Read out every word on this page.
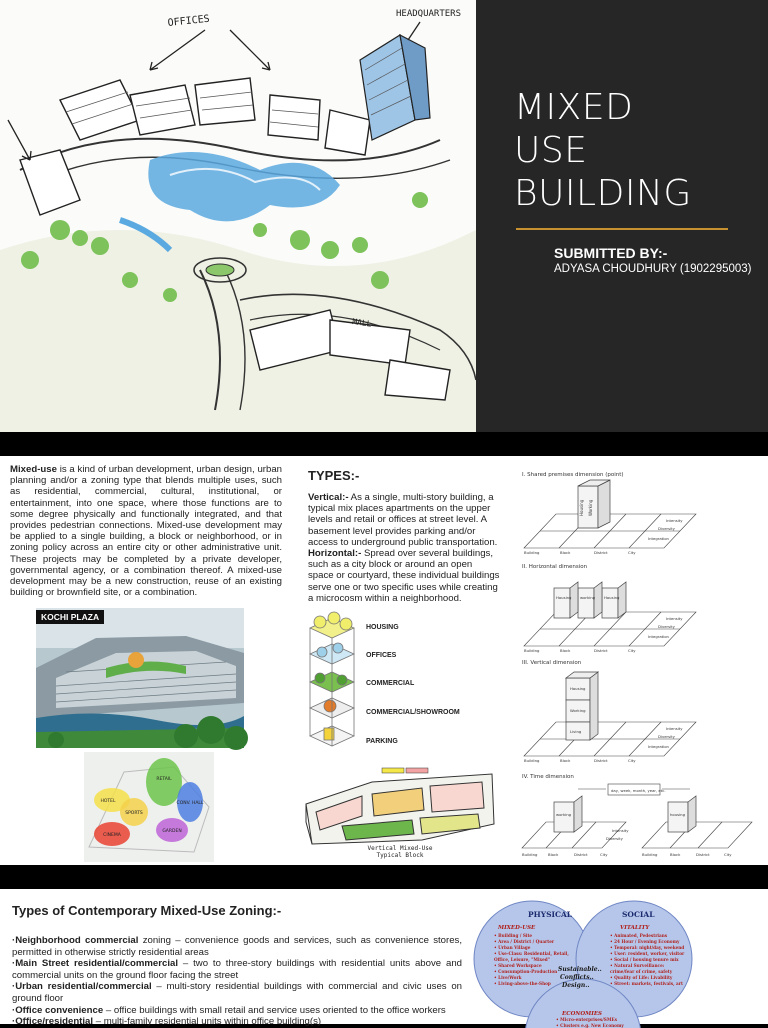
OFFICES	HEADQUARTERS
MALL
MIXED
USE
BUILDING
SUBMITTED BY:-
ADYASA CHOUDHURY (1902295003)

Mixed-use is a kind of urban development, urban design, urban planning and/or a zoning type that blends multiple uses, such as residential, commercial, cultural, institutional, or entertainment, into one space, where those functions are to some degree physically and functionally integrated, and that provides pedestrian connections. Mixed-use development may be applied to a single building, a block or neighborhood, or in zoning policy across an entire city or other administrative unit. These projects may be completed by a private developer, governmental agency, or a combination thereof. A mixed-use development may be a new construction, reuse of an existing building or brownfield site, or a combination.

KOCHI PLAZA
HOTEL
RETAIL
SPORTS
CONV. HALL
CINEMA
GARDEN
TYPES:-

Vertical:- As a single, multi-story building, a typical mix places apartments on the upper levels and retail or offices at street level. A basement level provides parking and/or access to underground public transportation.

Horizontal:- Spread over several buildings, such as a city block or around an open space or courtyard, these individual buildings serve one or two specific uses while creating a microcosm within a neighborhood.

HOUSING
OFFICES
COMMERCIAL
COMMERCIAL/SHOWROOM
PARKING
Vertical Mixed-Use
Typical Block
I. Shared premises dimension (point)
Housing Working
Intensity
Diversity
Integration
Building	Block	District	City
II. Horizontal dimension
Housing working Housing
Intensity
Diversity
Integration
Building	Block	District	City
III. Vertical dimension
Housing
Working
Living
Intensity
Diversity
Integration
Building	Block	District	City
IV. Time dimension
day, week, month, year, etc.
working	housing
Intensity
Diversity
Building	Block	District	City	Building	Block	District	City
Types of Contemporary Mixed-Use Zoning:-

·Neighborhood commercial zoning – convenience goods and services, such as convenience stores, permitted in otherwise strictly residential areas

·Main Street residential/commercial – two to three-story buildings with residential units above and commercial units on the ground floor facing the street

·Urban residential/commercial – multi-story residential buildings with commercial and civic uses on ground floor

·Office convenience – office buildings with small retail and service uses oriented to the office workers

·Office/residential – multi-family residential units within office building(s)

PHYSICAL	SOCIAL
MIXED-USE	VITALITY
• Building / Site
• Area / District / Quarter
• Urban Village
• Use-Class: Residential, Retail,
Office, Leisure, "Mixed"
• Shared Workspace
• Consumption-Production
• Live/Work
• Living-above-the-Shop
• Animated, Pedestrians
• 24 Hour / Evening Economy
• Temporal: night/day, weekend
• User: resident, worker, visitor
• Social / housing tenure mix
• Natural Surveillance:
crime/fear of crime, safety
• Quality of Life: Livability
• Street: markets, festivals, art
• Micro-enterprises/SMEs
• Clusters e.g. New Economy
Sustainable..
Conflicts..
Design..
ECONOMIES
